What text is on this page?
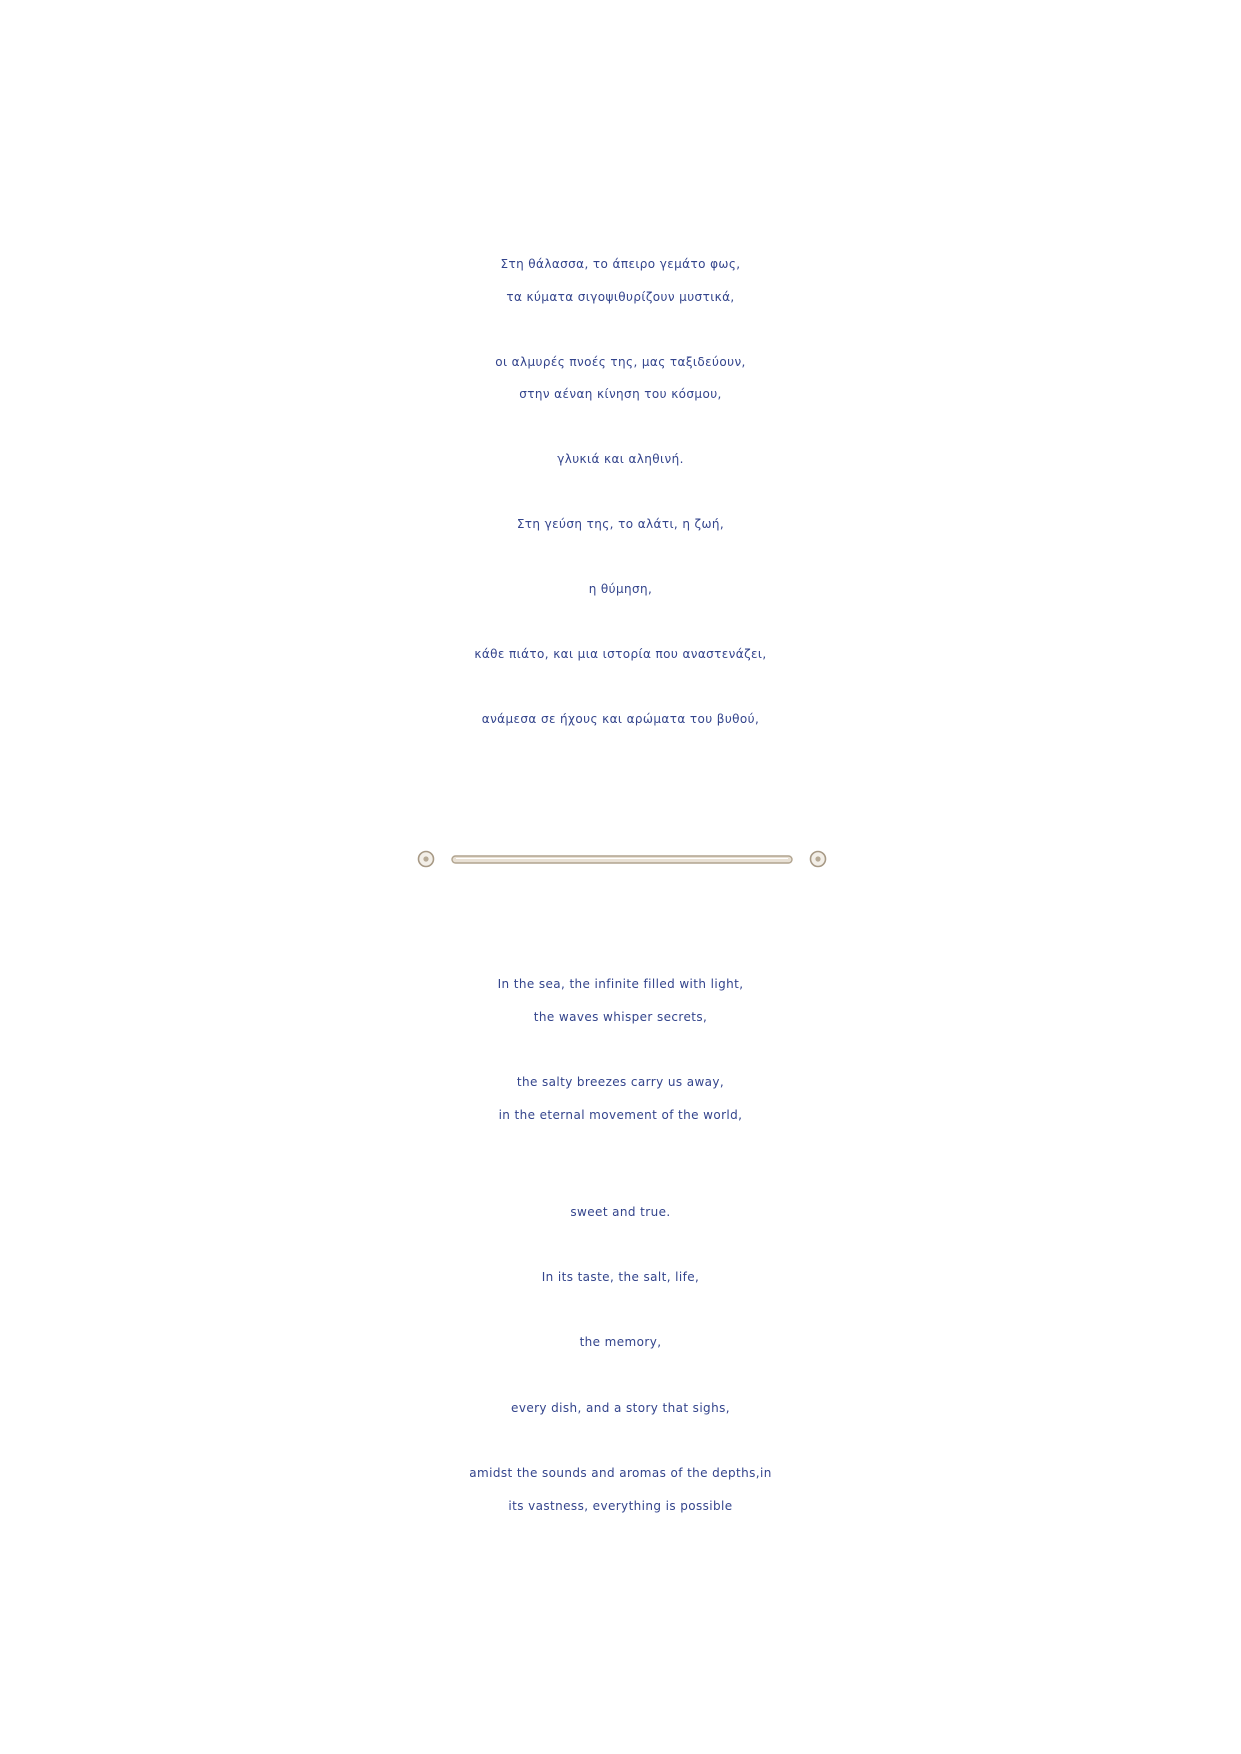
Στη θάλασσα, το άπειρο γεμάτο φως,
τα κύματα σιγοψιθυρίζουν μυστικά,
οι αλμυρές πνοές της, μας ταξιδεύουν,
στην αέναη κίνηση του κόσμου,
γλυκιά και αληθινή.
Στη γεύση της, το αλάτι, η ζωή,
η θύμηση,
κάθε πιάτο, και μια ιστορία που αναστενάζει,
ανάμεσα σε ήχους και αρώματα του βυθού,
In the sea, the infinite filled with light,
the waves whisper secrets,
the salty breezes carry us away,
in the eternal movement of the world,
sweet and true.
In its taste, the salt, life,
the memory,
every dish, and a story that sighs,
amidst the sounds and aromas of the depths,in
its vastness, everything is possible
